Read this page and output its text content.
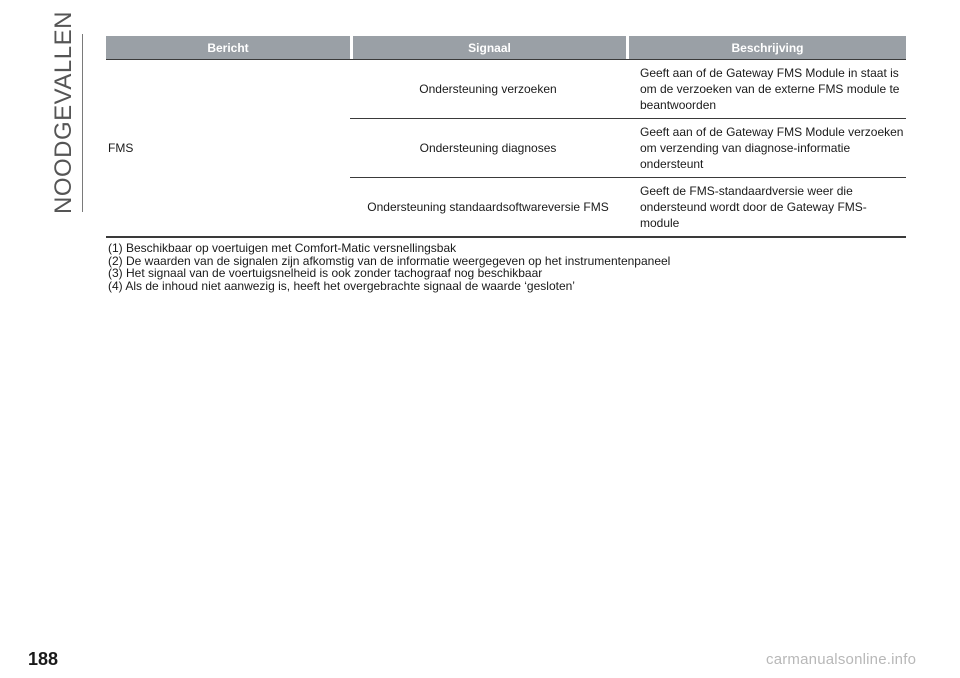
NOODGEVALLEN	Bericht	Signaal	Beschrijving
FMS	Ondersteuning verzoeken	Geeft aan of de Gateway FMS Module in staat is om de verzoeken van de externe FMS module te beantwoorden
	Ondersteuning diagnoses	Geeft aan of de Gateway FMS Module verzoeken om verzending van diagnose-informatie ondersteunt
	Ondersteuning standaardsoftwareversie FMS	Geeft de FMS-standaardversie weer die ondersteund wordt door de Gateway FMS-module
(1) Beschikbaar op voertuigen met Comfort-Matic versnellingsbak
(2) De waarden van de signalen zijn afkomstig van de informatie weergegeven op het instrumentenpaneel
(3) Het signaal van de voertuigsnelheid is ook zonder tachograaf nog beschikbaar
(4) Als de inhoud niet aanwezig is, heeft het overgebrachte signaal de waarde ‘gesloten’
188	carmanualsonline.info
